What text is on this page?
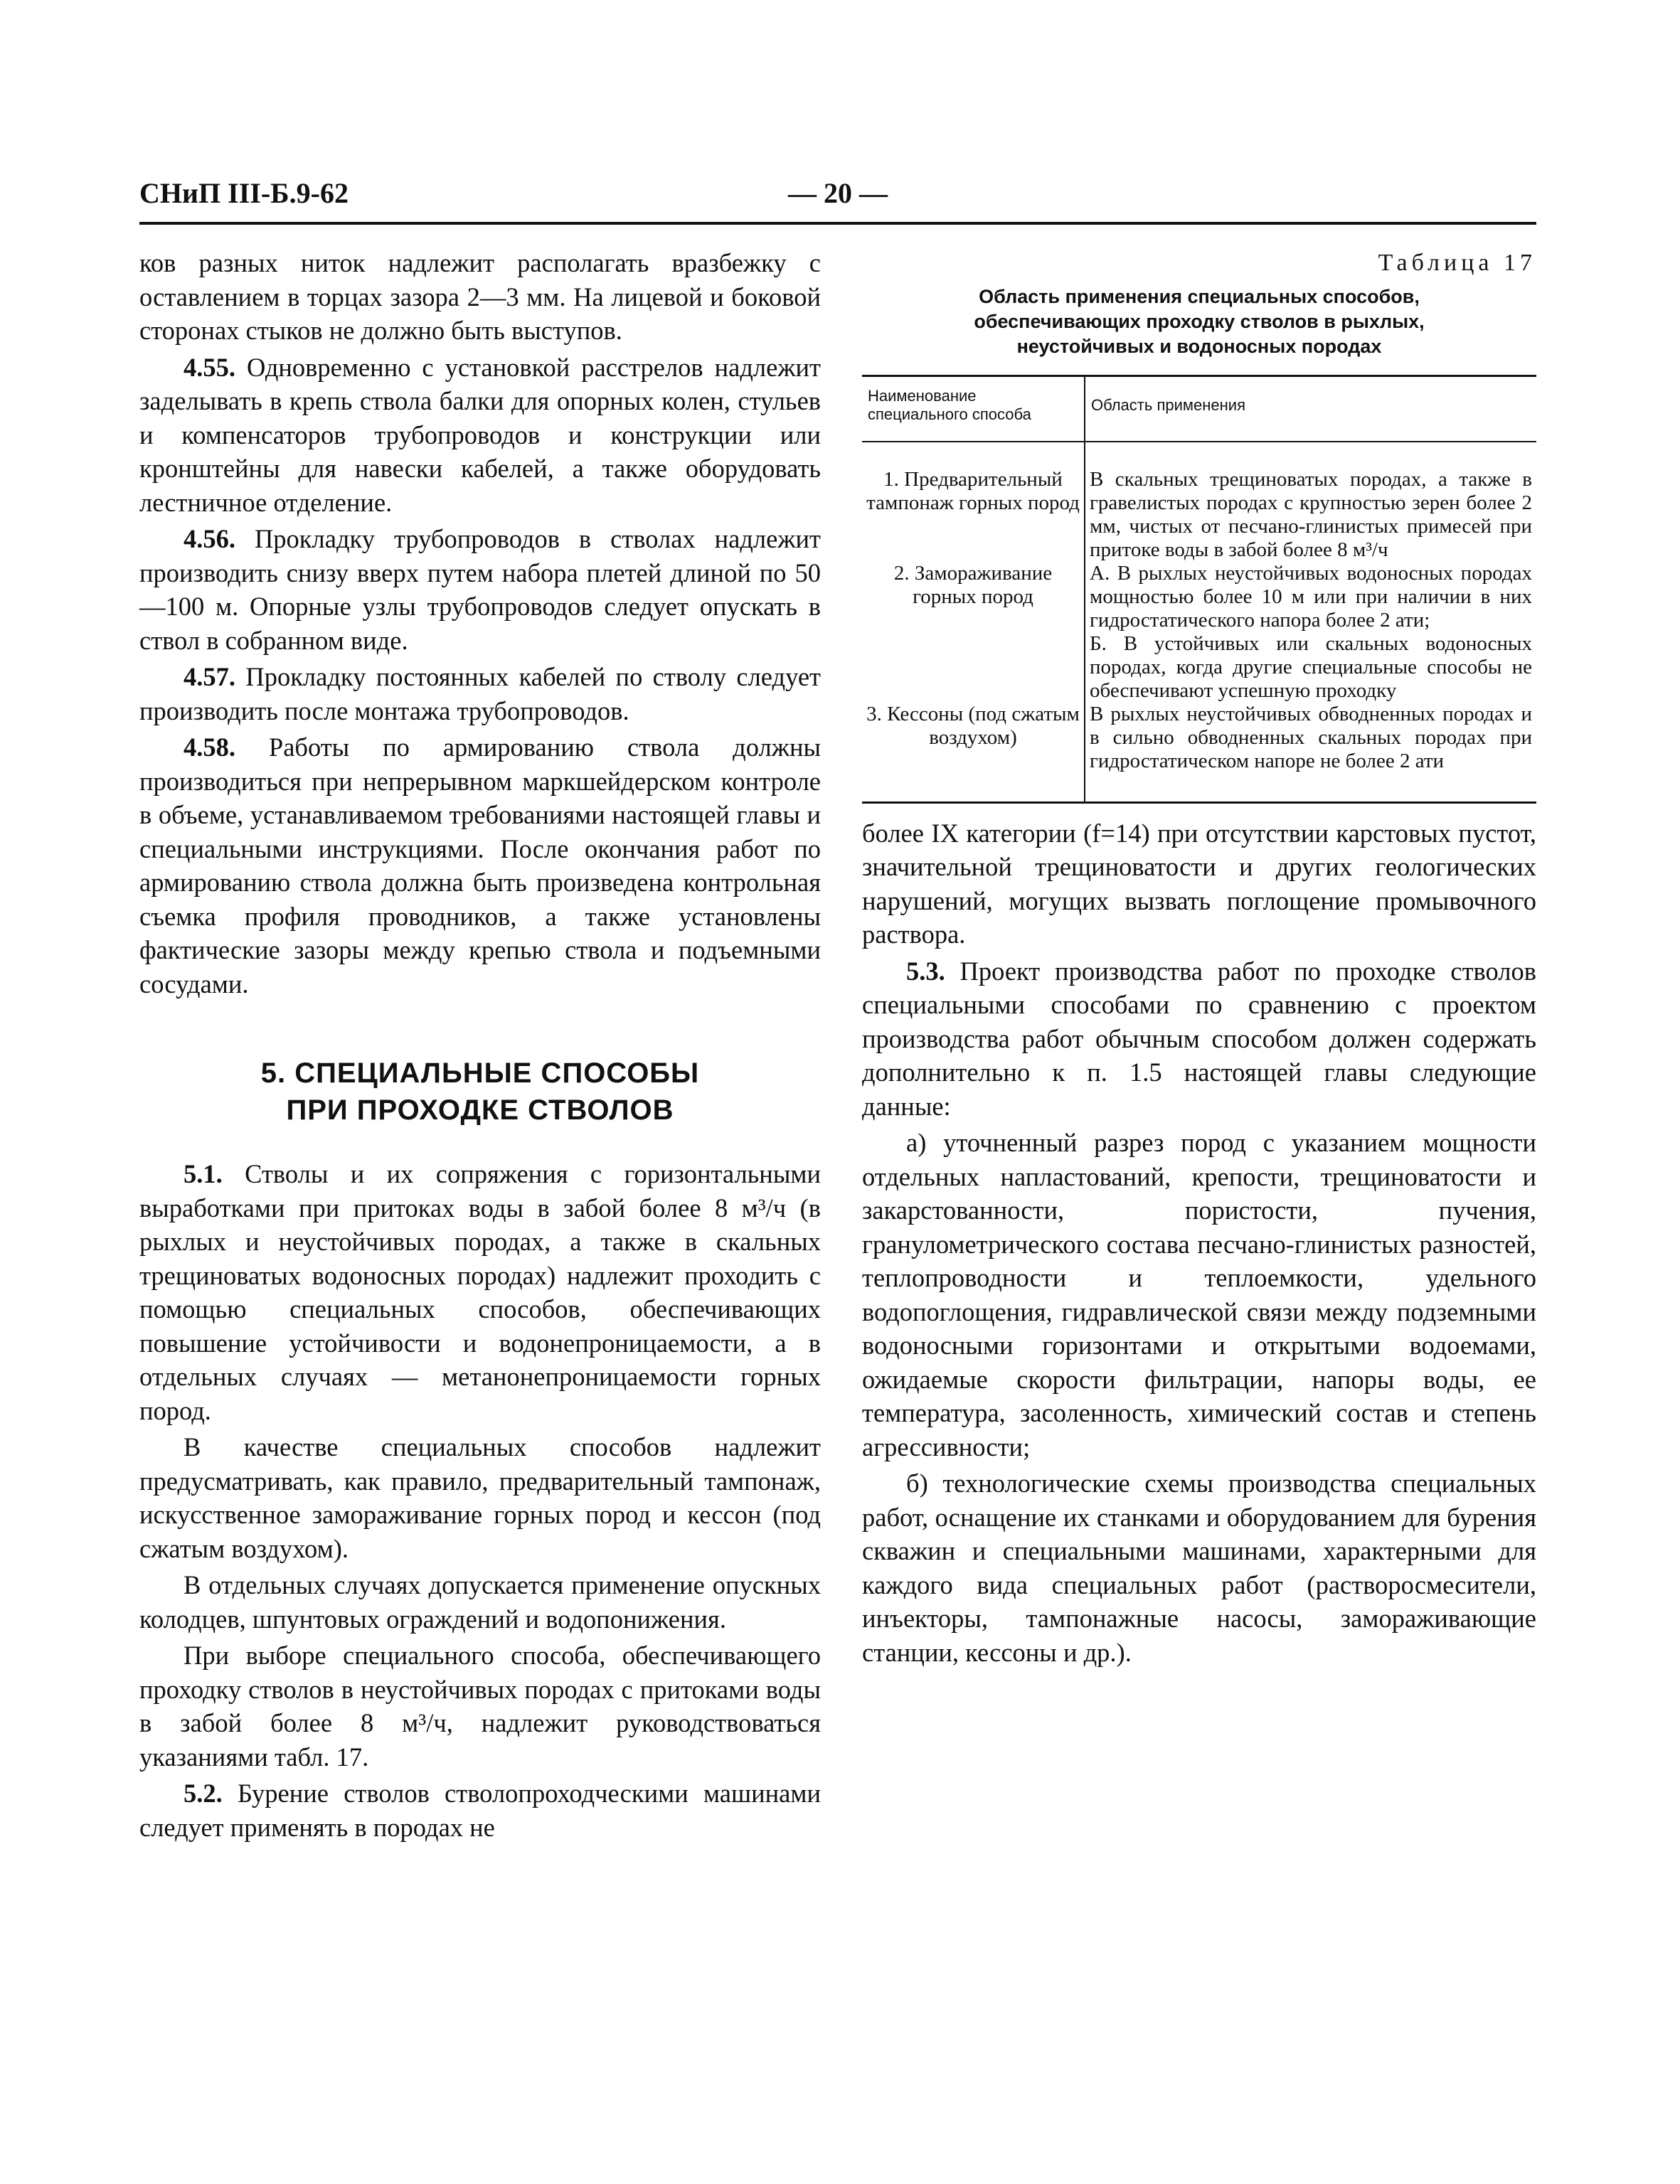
СНиП III-Б.9-62	— 20 —

ков разных ниток надлежит располагать вразбежку с оставлением в торцах зазора 2—3 мм. На лицевой и боковой сторонах стыков не должно быть выступов.

4.55. Одновременно с установкой расстрелов надлежит заделывать в крепь ствола балки для опорных колен, стульев и компенсаторов трубопроводов и конструкции или кронштейны для навески кабелей, а также оборудовать лестничное отделение.

4.56. Прокладку трубопроводов в стволах надлежит производить снизу вверх путем набора плетей длиной по 50—100 м. Опорные узлы трубопроводов следует опускать в ствол в собранном виде.

4.57. Прокладку постоянных кабелей по стволу следует производить после монтажа трубопроводов.

4.58. Работы по армированию ствола должны производиться при непрерывном маркшейдерском контроле в объеме, устанавливаемом требованиями настоящей главы и специальными инструкциями. После окончания работ по армированию ствола должна быть произведена контрольная съемка профиля проводников, а также установлены фактические зазоры между крепью ствола и подъемными сосудами.

5. СПЕЦИАЛЬНЫЕ СПОСОБЫ
ПРИ ПРОХОДКЕ СТВОЛОВ

5.1. Стволы и их сопряжения с горизонтальными выработками при притоках воды в забой более 8 м³/ч (в рыхлых и неустойчивых породах, а также в скальных трещиноватых водоносных породах) надлежит проходить с помощью специальных способов, обеспечивающих повышение устойчивости и водонепроницаемости, а в отдельных случаях — метанонепроницаемости горных пород.

В качестве специальных способов надлежит предусматривать, как правило, предварительный тампонаж, искусственное замораживание горных пород и кессон (под сжатым воздухом).

В отдельных случаях допускается применение опускных колодцев, шпунтовых ограждений и водопонижения.

При выборе специального способа, обеспечивающего проходку стволов в неустойчивых породах с притоками воды в забой более 8 м³/ч, надлежит руководствоваться указаниями табл. 17.

5.2. Бурение стволов стволопроходческими машинами следует применять в породах не

Таблица 17
Область применения специальных способов,
обеспечивающих проходку стволов в рыхлых,
неустойчивых и водоносных породах
Наименование специального способа	Область применения
1. Предварительный тампонаж горных пород	В скальных трещиноватых породах, а также в гравелистых породах с крупностью зерен более 2 мм, чистых от песчано-глинистых примесей при притоке воды в забой более 8 м³/ч
2. Замораживание горных пород	А. В рыхлых неустойчивых водоносных породах мощностью более 10 м или при наличии в них гидростатического напора более 2 ати;
Б. В устойчивых или скальных водоносных породах, когда другие специальные способы не обеспечивают успешную проходку

3. Кессоны (под сжатым воздухом)	В рыхлых неустойчивых обводненных породах и в сильно обводненных скальных породах при гидростатическом напоре не более 2 ати

более IX категории (f=14) при отсутствии карстовых пустот, значительной трещиноватости и других геологических нарушений, могущих вызвать поглощение промывочного раствора.

5.3. Проект производства работ по проходке стволов специальными способами по сравнению с проектом производства работ обычным способом должен содержать дополнительно к п. 1.5 настоящей главы следующие данные:

а) уточненный разрез пород с указанием мощности отдельных напластований, крепости, трещиноватости и закарстованности, пористости, пучения, гранулометрического состава песчано-глинистых разностей, теплопроводности и теплоемкости, удельного водопоглощения, гидравлической связи между подземными водоносными горизонтами и открытыми водоемами, ожидаемые скорости фильтрации, напоры воды, ее температура, засоленность, химический состав и степень агрессивности;

б) технологические схемы производства специальных работ, оснащение их станками и оборудованием для бурения скважин и специальными машинами, характерными для каждого вида специальных работ (растворосмесители, инъекторы, тампонажные насосы, замораживающие станции, кессоны и др.).
